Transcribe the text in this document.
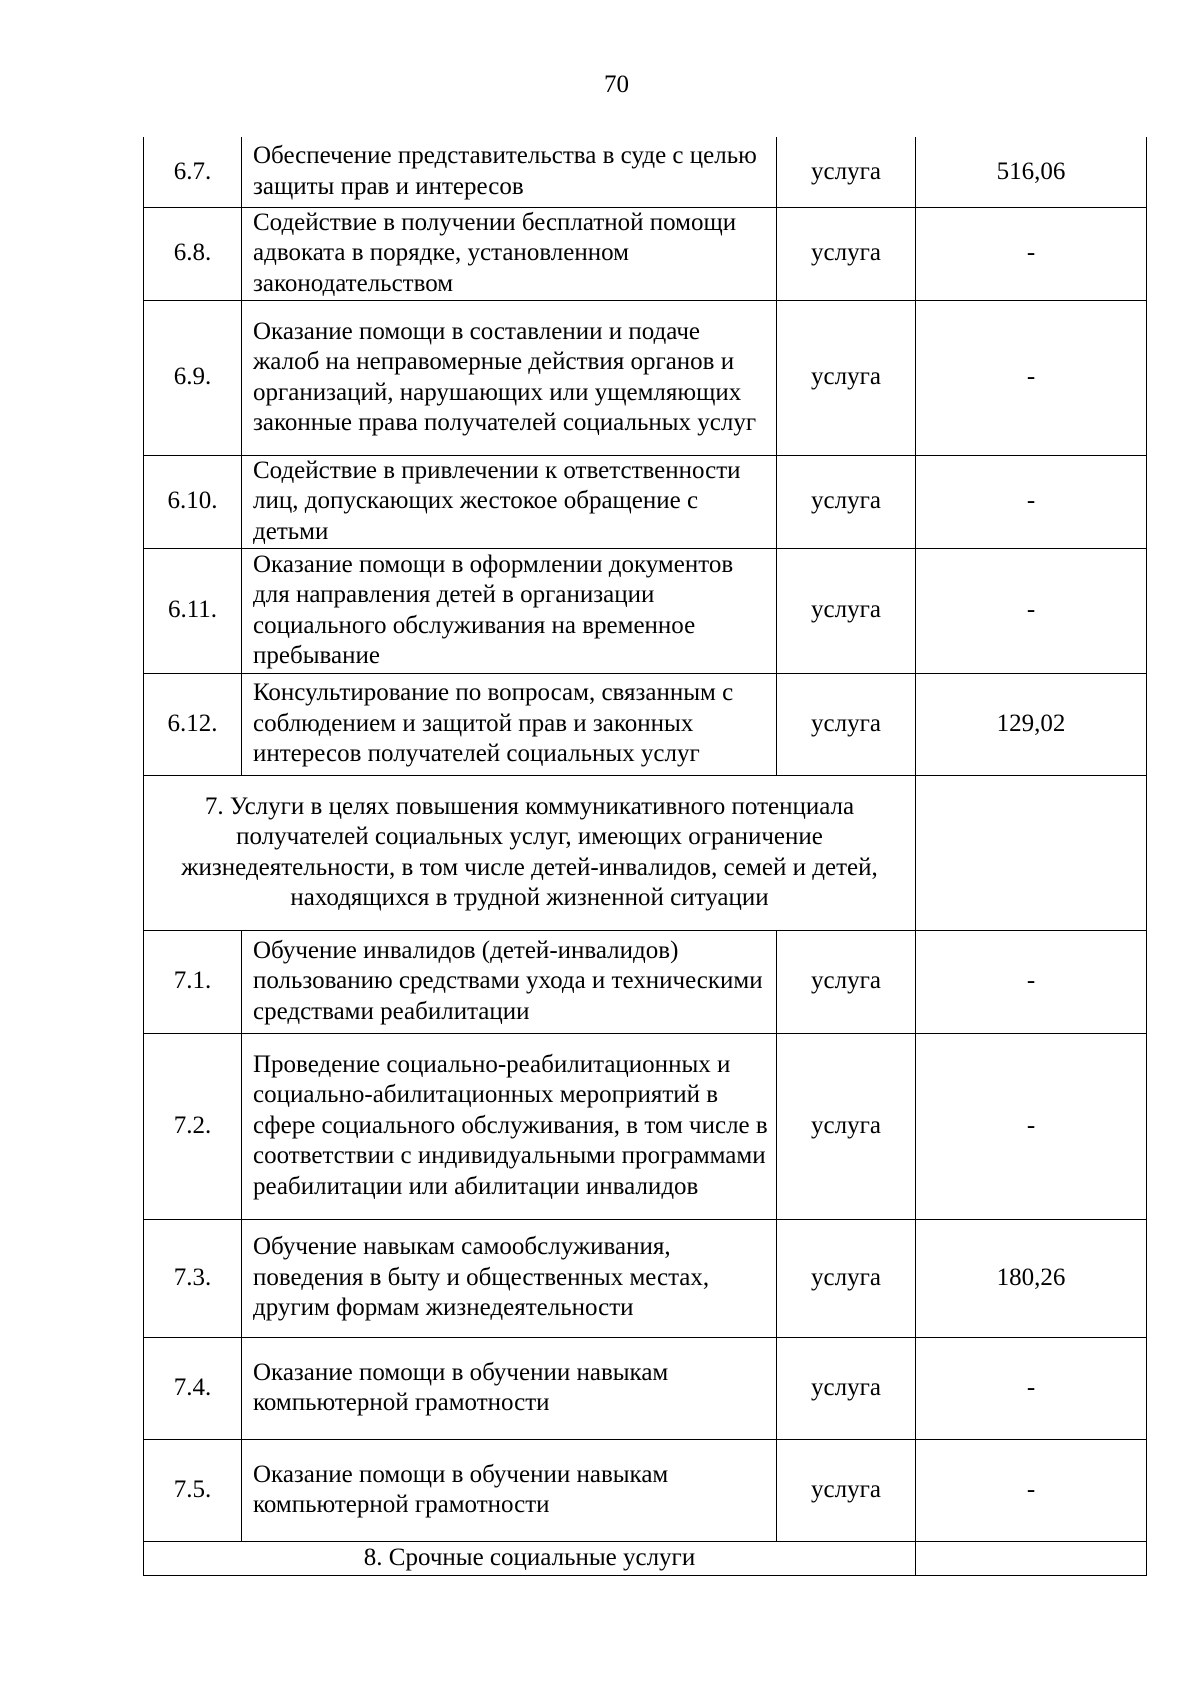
70
6.7.	Обеспечение представительства в суде с целью защиты прав и интересов	услуга	516,06
6.8.	Содействие в получении бесплатной помощи адвоката в порядке, установленном законодательством	услуга	-
6.9.	Оказание помощи в составлении и подаче жалоб на неправомерные действия органов и организаций, нарушающих или ущемляющих законные права получателей социальных услуг	услуга	-
6.10.	Содействие в привлечении к ответственности лиц, допускающих жестокое обращение с детьми	услуга	-
6.11.	Оказание помощи в оформлении документов для направления детей в организации социального обслуживания на временное пребывание	услуга	-
6.12.	Консультирование по вопросам, связанным с соблюдением и защитой прав и законных интересов получателей социальных услуг	услуга	129,02
7. Услуги в целях повышения коммуникативного потенциала получателей социальных услуг, имеющих ограничение жизнедеятельности, в том числе детей-инвалидов, семей и детей, находящихся в трудной жизненной ситуации			
7.1.	Обучение инвалидов (детей-инвалидов) пользованию средствами ухода и техническими средствами реабилитации	услуга	-
7.2.	Проведение социально-реабилитационных и социально-абилитационных мероприятий в сфере социального обслуживания, в том числе в соответствии с индивидуальными программами реабилитации или абилитации инвалидов	услуга	-
7.3.	Обучение навыкам самообслуживания, поведения в быту и общественных местах, другим формам жизнедеятельности	услуга	180,26
7.4.	Оказание помощи в обучении навыкам компьютерной грамотности	услуга	-
7.5.	Оказание помощи в обучении навыкам компьютерной грамотности	услуга	-
8. Срочные социальные услуги			
